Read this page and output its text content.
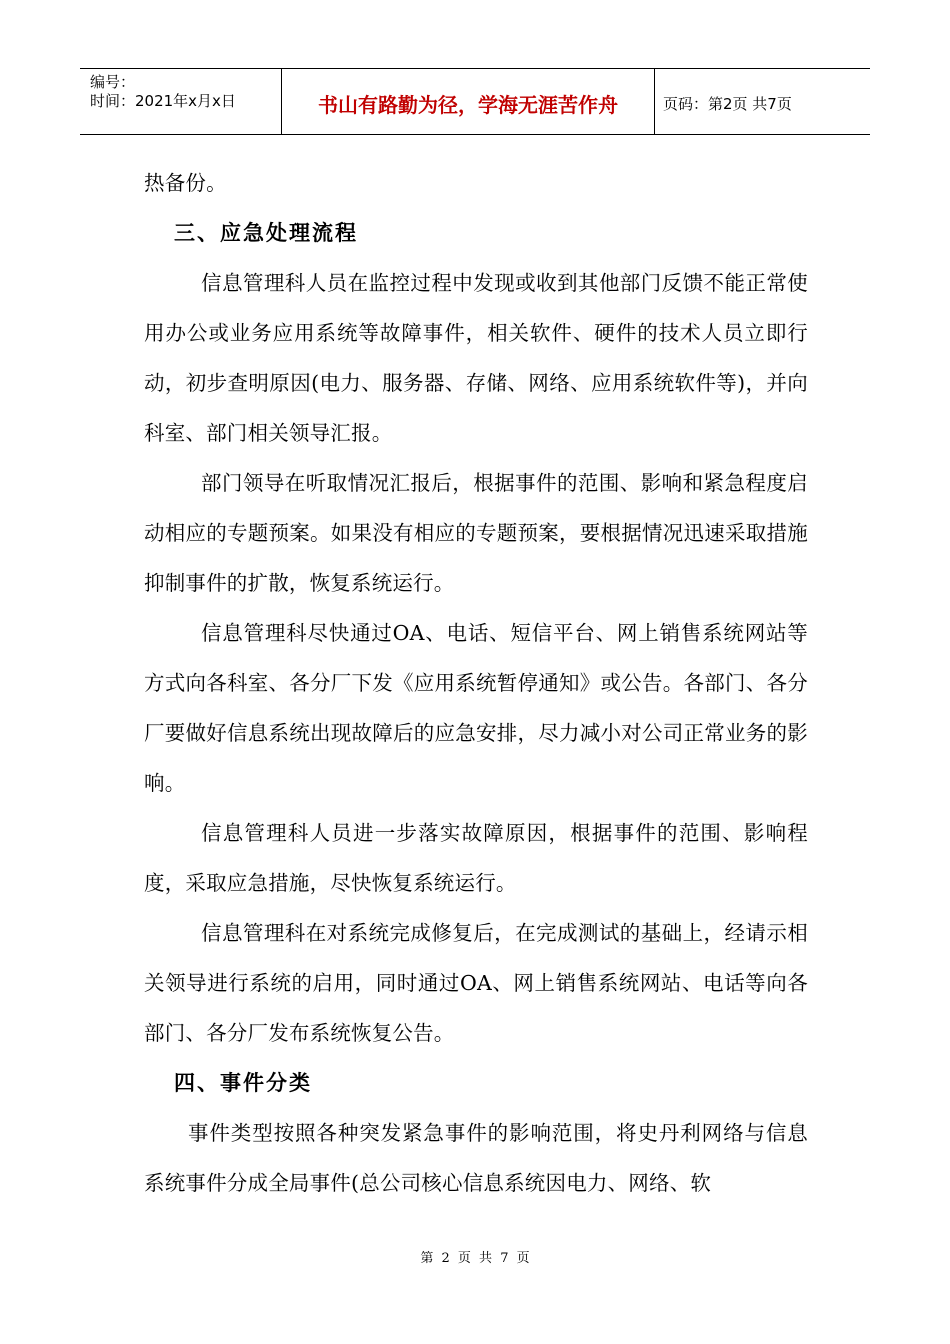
编号：
时间：2021年x月x日	书山有路勤为径，学海无涯苦作舟	页码：第2页 共7页

热备份。

三、应急处理流程

信息管理科人员在监控过程中发现或收到其他部门反馈不能正常使用办公或业务应用系统等故障事件，相关软件、硬件的技术人员立即行动，初步查明原因(电力、服务器、存储、网络、应用系统软件等)，并向科室、部门相关领导汇报。

部门领导在听取情况汇报后，根据事件的范围、影响和紧急程度启动相应的专题预案。如果没有相应的专题预案，要根据情况迅速采取措施抑制事件的扩散，恢复系统运行。

信息管理科尽快通过OA、电话、短信平台、网上销售系统网站等方式向各科室、各分厂下发《应用系统暂停通知》或公告。各部门、各分厂要做好信息系统出现故障后的应急安排，尽力减小对公司正常业务的影响。

信息管理科人员进一步落实故障原因，根据事件的范围、影响程度，采取应急措施，尽快恢复系统运行。

信息管理科在对系统完成修复后，在完成测试的基础上，经请示相关领导进行系统的启用，同时通过OA、网上销售系统网站、电话等向各部门、各分厂发布系统恢复公告。

四、事件分类

事件类型按照各种突发紧急事件的影响范围，将史丹利网络与信息系统事件分成全局事件(总公司核心信息系统因电力、网络、软

第 2 页 共 7 页
